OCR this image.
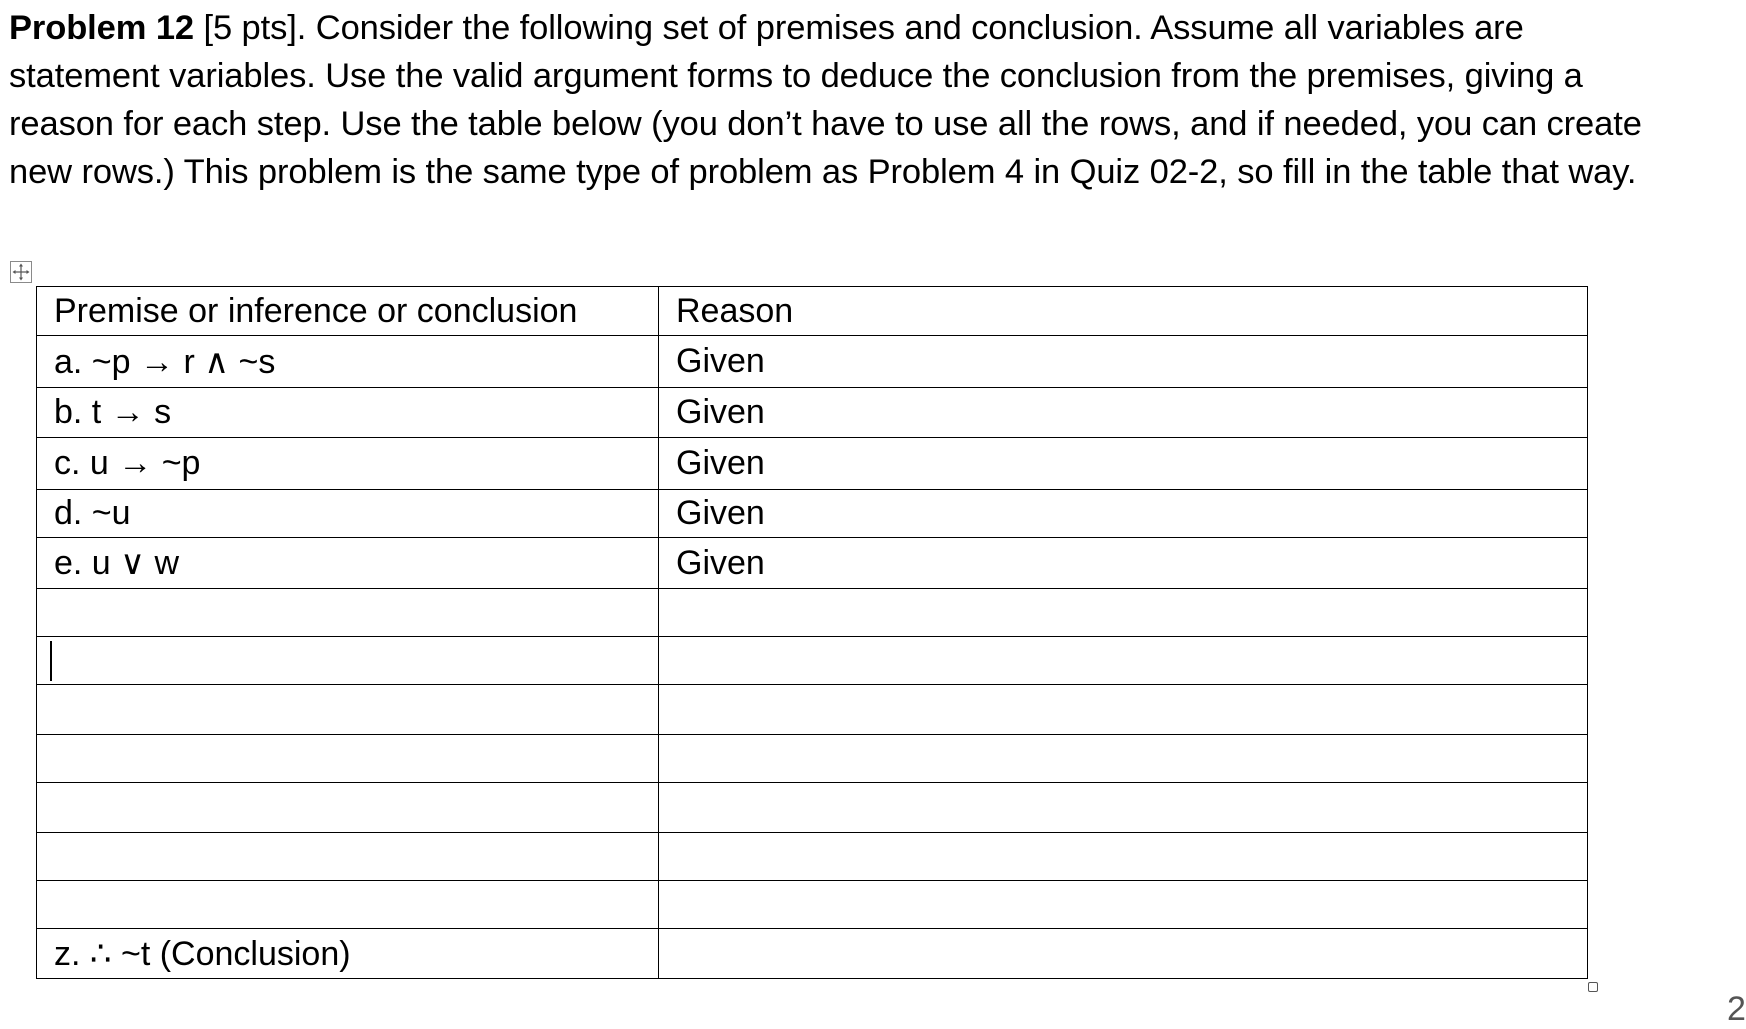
Problem 12 [5 pts]. Consider the following set of premises and conclusion. Assume all variables are
statement variables. Use the valid argument forms to deduce the conclusion from the premises, giving a
reason for each step. Use the table below (you don’t have to use all the rows, and if needed, you can create
new rows.) This problem is the same type of problem as Problem 4 in Quiz 02-2, so fill in the table that way.
Premise or inference or conclusion	Reason
a. ~p → r ∧ ~s	Given
b. t → s	Given
c. u → ~p	Given
d. ~u	Given
e. u ∨ w	Given

z. ∴ ~t (Conclusion)	
2
